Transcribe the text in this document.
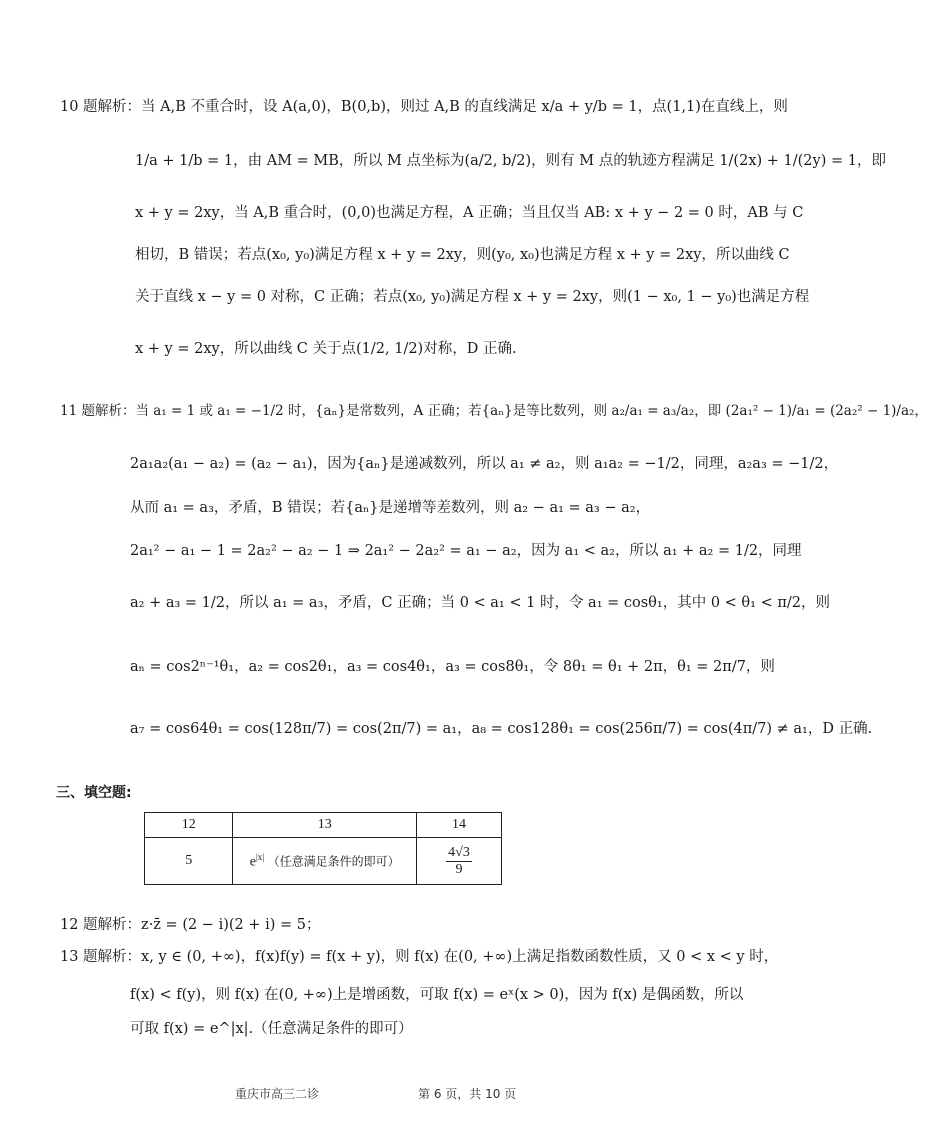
10 题解析：当 A,B 不重合时，设 A(a,0)，B(0,b)，则过 A,B 的直线满足 x/a + y/b = 1，点(1,1)在直线上，则
1/a + 1/b = 1，由 AM = MB，所以 M 点坐标为(a/2, b/2)，则有 M 点的轨迹方程满足 1/(2x) + 1/(2y) = 1，即
x + y = 2xy，当 A,B 重合时，(0,0)也满足方程，A 正确；当且仅当 AB: x + y − 2 = 0 时，AB 与 C
相切，B 错误；若点(x₀, y₀)满足方程 x + y = 2xy，则(y₀, x₀)也满足方程 x + y = 2xy，所以曲线 C
关于直线 x − y = 0 对称，C 正确；若点(x₀, y₀)满足方程 x + y = 2xy，则(1 − x₀, 1 − y₀)也满足方程
x + y = 2xy，所以曲线 C 关于点(1/2, 1/2)对称，D 正确.
11 题解析：当 a₁ = 1 或 a₁ = −1/2 时，{aₙ}是常数列，A 正确；若{aₙ}是等比数列，则 a₂/a₁ = a₃/a₂，即 (2a₁² − 1)/a₁ = (2a₂² − 1)/a₂，
2a₁a₂(a₁ − a₂) = (a₂ − a₁)，因为{aₙ}是递减数列，所以 a₁ ≠ a₂，则 a₁a₂ = −1/2，同理，a₂a₃ = −1/2，
从而 a₁ = a₃，矛盾，B 错误；若{aₙ}是递增等差数列，则 a₂ − a₁ = a₃ − a₂，
2a₁² − a₁ − 1 = 2a₂² − a₂ − 1 ⇒ 2a₁² − 2a₂² = a₁ − a₂，因为 a₁ < a₂，所以 a₁ + a₂ = 1/2，同理
a₂ + a₃ = 1/2，所以 a₁ = a₃，矛盾，C 正确；当 0 < a₁ < 1 时，令 a₁ = cosθ₁，其中 0 < θ₁ < π/2，则
aₙ = cos2ⁿ⁻¹θ₁，a₂ = cos2θ₁，a₃ = cos4θ₁，a₃ = cos8θ₁，令 8θ₁ = θ₁ + 2π，θ₁ = 2π/7，则
a₇ = cos64θ₁ = cos(128π/7) = cos(2π/7) = a₁，a₈ = cos128θ₁ = cos(256π/7) = cos(4π/7) ≠ a₁，D 正确.
三、填空题:
12	13	14
5	$e^{|x|}$ （任意满足条件的即可）	$\frac{4√3}{9}$
12 题解析：z·z̄ = (2 − i)(2 + i) = 5；
13 题解析：x, y ∈ (0, +∞)，f(x)f(y) = f(x + y)，则 f(x) 在(0, +∞)上满足指数函数性质，又 0 < x < y 时，
f(x) < f(y)，则 f(x) 在(0, +∞)上是增函数，可取 f(x) = eˣ(x > 0)，因为 f(x) 是偶函数，所以
可取 f(x) = e^|x|.（任意满足条件的即可）
重庆市高三二诊	第 6 页，共 10 页
